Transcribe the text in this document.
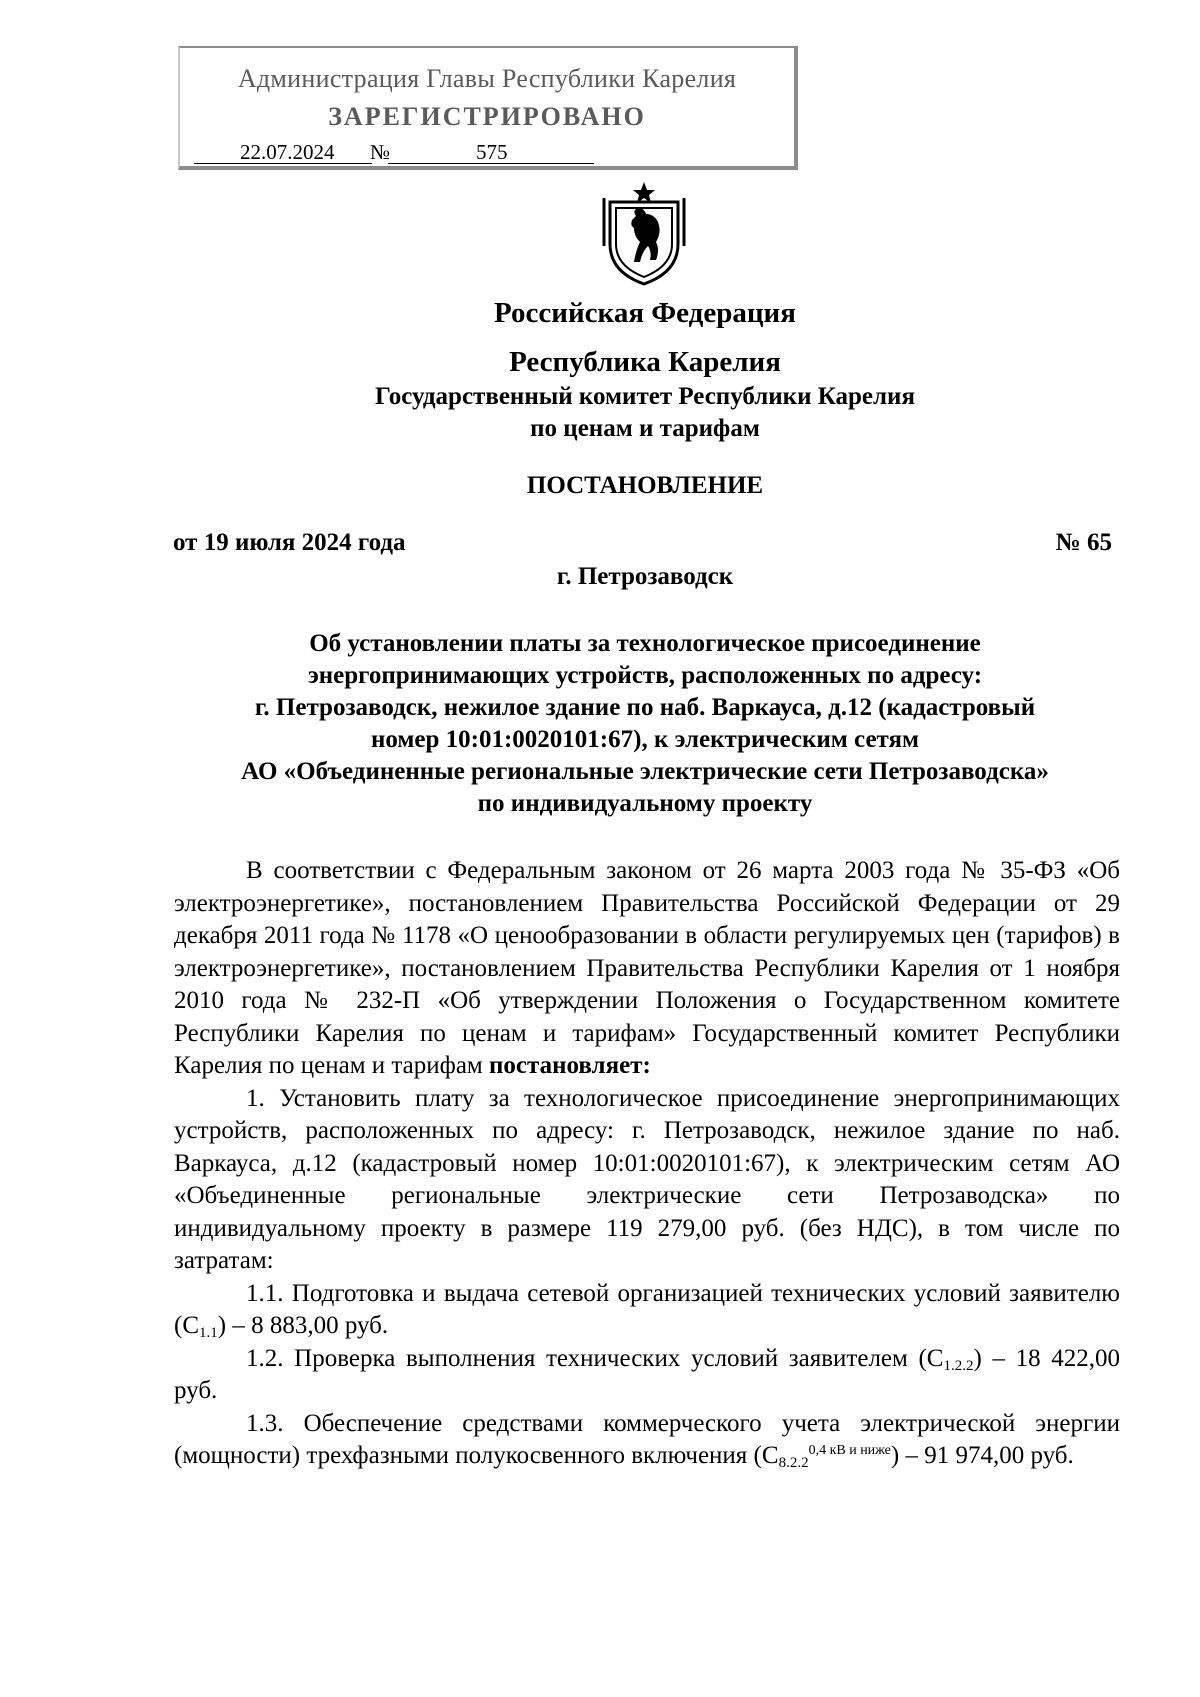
Администрация Главы Республики Карелия
ЗАРЕГИСТРИРОВАНО
22.07.2024 №	575
Российская Федерация
Республика Карелия
Государственный комитет Республики Карелия
по ценам и тарифам
ПОСТАНОВЛЕНИЕ
от 19 июля 2024 года	№ 65
г. Петрозаводск
Об установлении платы за технологическое присоединение
энергопринимающих устройств, расположенных по адресу:
г. Петрозаводск, нежилое здание по наб. Варкауса, д.12 (кадастровый
номер 10:01:0020101:67), к электрическим сетям
АО «Объединенные региональные электрические сети Петрозаводска»
по индивидуальному проекту

В соответствии с Федеральным законом от 26 марта 2003 года № 35-ФЗ «Об электроэнергетике», постановлением Правительства Российской Федерации от 29 декабря 2011 года № 1178 «О ценообразовании в области регулируемых цен (тарифов) в электроэнергетике», постановлением Правительства Республики Карелия от 1 ноября 2010 года № 232-П «Об утверждении Положения о Государственном комитете Республики Карелия по ценам и тарифам» Государственный комитет Республики Карелия по ценам и тарифам постановляет:

1. Установить плату за технологическое присоединение энергопринимающих устройств, расположенных по адресу: г. Петрозаводск, нежилое здание по наб. Варкауса, д.12 (кадастровый номер 10:01:0020101:67), к электрическим сетям АО «Объединенные региональные электрические сети Петрозаводска» по индивидуальному проекту в размере 119 279,00 руб. (без НДС), в том числе по затратам:

1.1. Подготовка и выдача сетевой организацией технических условий заявителю $(С_{1.1}) - 8$ 883,00 руб.

1.2. Проверка выполнения технических условий заявителем $(С_{1.2.2}) - 18$ 422,00 руб.

1.3. Обеспечение средствами коммерческого учета электрической энергии (мощности) трехфазными полукосвенного включения $(С_{8.2.2}^{0,4 кВ и ниже}) - 91$ 974,00 руб.
